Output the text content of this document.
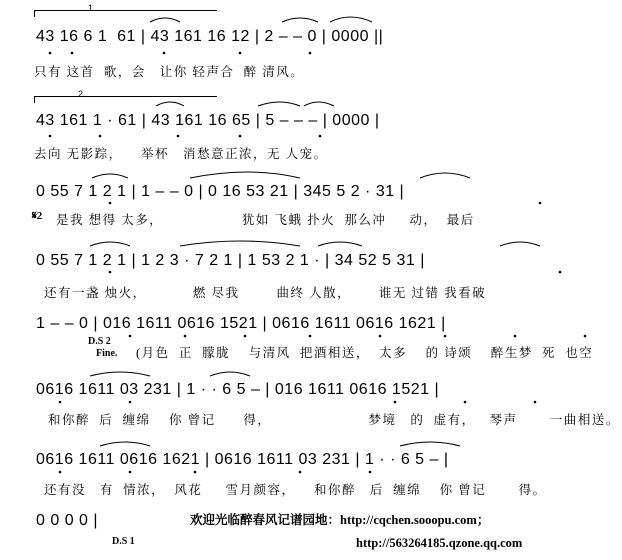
1
2
43 16 6 1  61 | 43 161 16 12 | 2 – – 0 | 0000 ||
只有 这首  歌，会   让你 轻声合  醉 清风。
43 161 1 · 61 | 43 161 16 65 | 5 – – – | 0000 |
去向 无影踪，    举杯   消愁意正浓，无 人宠。
0 55 7 1 2 1 | 1 – – 0 | 0 16 53 21 | 345 5 2 · 31 |
𝄋2 是我 想得 太多，                 犹如 飞蛾 扑火  那么冲     动，  最后
0 55 7 1 2 1 | 1 2 3 · 7 2 1 | 1 53 2 1 · | 34 52 5 31 |
还有一盏 烛火，          燃 尽我        曲终 人散，      谁无 过错 我看破
1 – – 0 | 016 1611 0616 1521 | 0616 1611 0616 1621 |
D.S 2
Fine. (月色  正  朦胧    与清风  把酒相送，  太多    的 诗颂    醉生梦  死  也空
0616 1611 03 231 | 1 · · 6 5 – | 016 1611 0616 1521 |
和你醉  后  缠绵    你 曾记      得，                     梦境   的  虚有，   琴声       一曲相送。
0616 1611 0616 1621 | 0616 1611 03 231 | 1 · · 6 5 – |
还有没   有  情浓，  风花     雪月颜容，    和你醉   后  缠绵    你 曾记       得。
0 0 0 0 |
D.S 1
欢迎光临醉春风记谱园地：http://cqchen.sooopu.com；
http://563264185.qzone.qq.com
